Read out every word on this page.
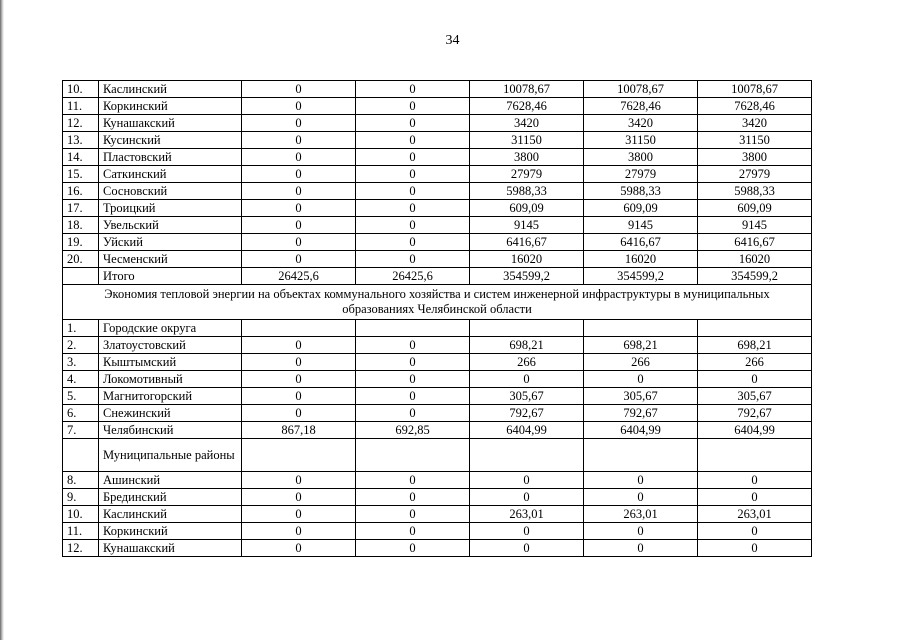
34
10.	Каслинский	0	0	10078,67	10078,67	10078,67
11.	Коркинский	0	0	7628,46	7628,46	7628,46
12.	Кунашакский	0	0	3420	3420	3420
13.	Кусинский	0	0	31150	31150	31150
14.	Пластовский	0	0	3800	3800	3800
15.	Саткинский	0	0	27979	27979	27979
16.	Сосновский	0	0	5988,33	5988,33	5988,33
17.	Троицкий	0	0	609,09	609,09	609,09
18.	Увельский	0	0	9145	9145	9145
19.	Уйский	0	0	6416,67	6416,67	6416,67
20.	Чесменский	0	0	16020	16020	16020
	Итого	26425,6	26425,6	354599,2	354599,2	354599,2
Экономия тепловой энергии на объектах коммунального хозяйства и систем инженерной инфраструктуры в муниципальных образованиях Челябинской области						
1.	Городские округа					
2.	Златоустовский	0	0	698,21	698,21	698,21
3.	Кыштымский	0	0	266	266	266
4.	Локомотивный	0	0	0	0	0
5.	Магнитогорский	0	0	305,67	305,67	305,67
6.	Снежинский	0	0	792,67	792,67	792,67
7.	Челябинский	867,18	692,85	6404,99	6404,99	6404,99
	Муниципальные районы					
8.	Ашинский	0	0	0	0	0
9.	Брединский	0	0	0	0	0
10.	Каслинский	0	0	263,01	263,01	263,01
11.	Коркинский	0	0	0	0	0
12.	Кунашакский	0	0	0	0	0
